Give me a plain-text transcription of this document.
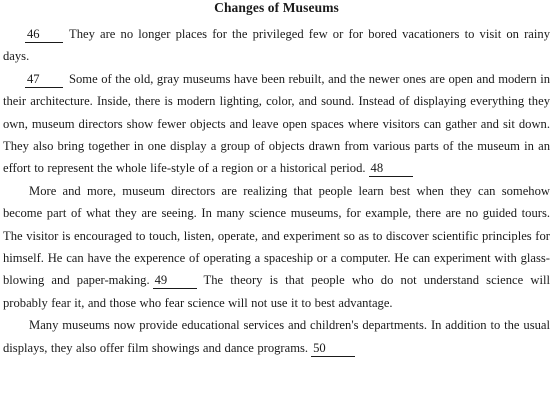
Changes of Museums

46 They are no longer places for the privileged few or for bored vacationers to visit on rainy days.

47 Some of the old, gray museums have been rebuilt, and the newer ones are open and modern in their architecture. Inside, there is modern lighting, color, and sound. Instead of displaying everything they own, museum directors show fewer objects and leave open spaces where visitors can gather and sit down. They also bring together in one display a group of objects drawn from various parts of the museum in an effort to represent the whole life-style of a region or a historical period. 48

More and more, museum directors are realizing that people learn best when they can somehow become part of what they are seeing. In many science museums, for example, there are no guided tours. The visitor is encouraged to touch, listen, operate, and experiment so as to discover scientific principles for himself. He can have the experence of operating a spaceship or a computer. He can experiment with glass-blowing and paper-making. 49	The theory is that people who do not understand science will probably fear it, and those who fear science will not use it to best advantage.

Many museums now provide educational services and children's departments. In addition to the usual displays, they also offer film showings and dance programs. 50
